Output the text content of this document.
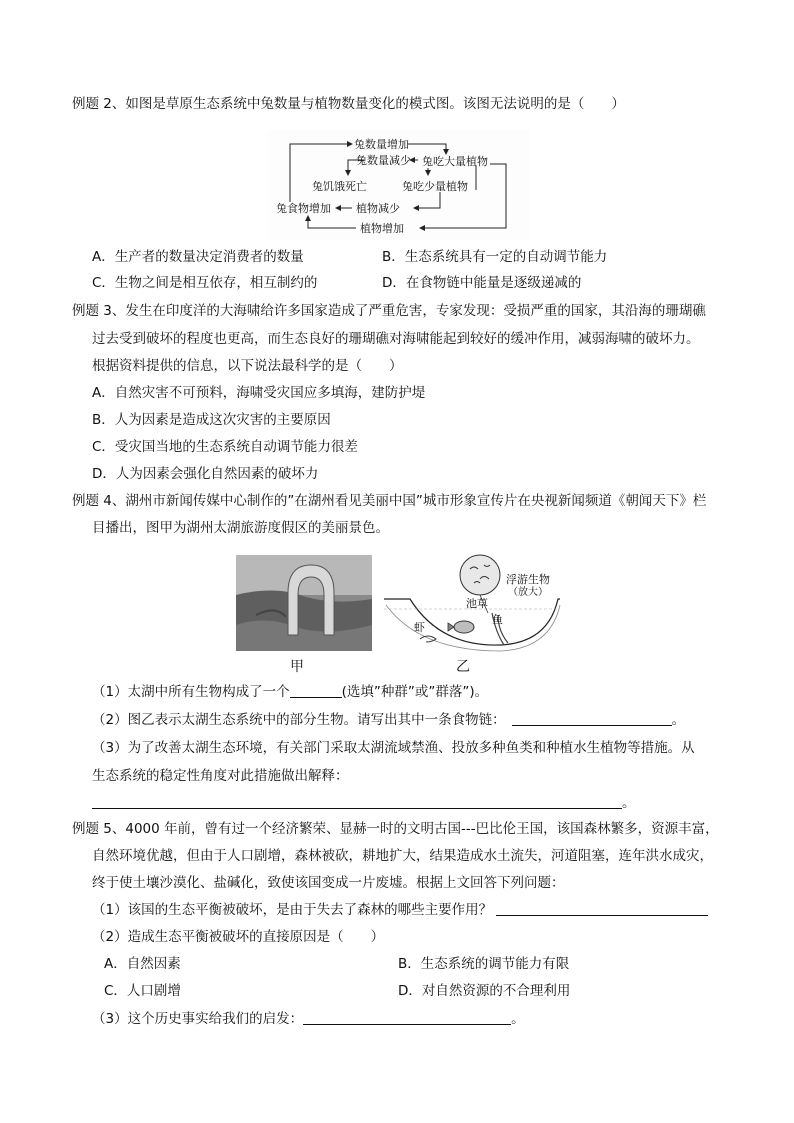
例题 2、如图是草原生态系统中兔数量与植物数量变化的模式图。该图无法说明的是（　　）
兔数量增加
兔数量减少 兔吃大量植物
兔饥饿死亡	兔吃少量植物
兔食物增加 植物减少
植物增加
A．生产者的数量决定消费者的数量	B．生态系统具有一定的自动调节能力
C．生物之间是相互依存，相互制约的	D．在食物链中能量是逐级递减的
例题 3、发生在印度洋的大海啸给许多国家造成了严重危害，专家发现：受损严重的国家，其沿海的珊瑚礁
过去受到破坏的程度也更高，而生态良好的珊瑚礁对海啸能起到较好的缓冲作用，减弱海啸的破坏力。
根据资料提供的信息，以下说法最科学的是（　　）
A．自然灾害不可预料，海啸受灾国应多填海，建防护堤
B．人为因素是造成这次灾害的主要原因
C．受灾国当地的生态系统自动调节能力很差
D．人为因素会强化自然因素的破坏力
例题 4、湖州市新闻传媒中心制作的”在湖州看见美丽中国”城市形象宣传片在央视新闻频道《朝闻天下》栏
目播出，图甲为湖州太湖旅游度假区的美丽景色。
甲
浮游生物
（放大）
池草
鱼
虾
乙
（1）太湖中所有生物构成了一个	(选填”种群”或”群落”)。
（2）图乙表示太湖生态系统中的部分生物。请写出其中一条食物链：	。
（3）为了改善太湖生态环境，有关部门采取太湖流域禁渔、投放多种鱼类和种植水生植物等措施。从
生态系统的稳定性角度对此措施做出解释：
。
例题 5、4000 年前，曾有过一个经济繁荣、显赫一时的文明古国---巴比伦王国，该国森林繁多，资源丰富，
自然环境优越，但由于人口剧增，森林被砍，耕地扩大，结果造成水土流失，河道阻塞，连年洪水成灾，
终于使土壤沙漠化、盐碱化，致使该国变成一片废墟。根据上文回答下列问题：
（1）该国的生态平衡被破坏，是由于失去了森林的哪些主要作用？
（2）造成生态平衡被破坏的直接原因是（　　）
A．自然因素	B．生态系统的调节能力有限
C．人口剧增	D．对自然资源的不合理利用
（3）这个历史事实给我们的启发：	。
